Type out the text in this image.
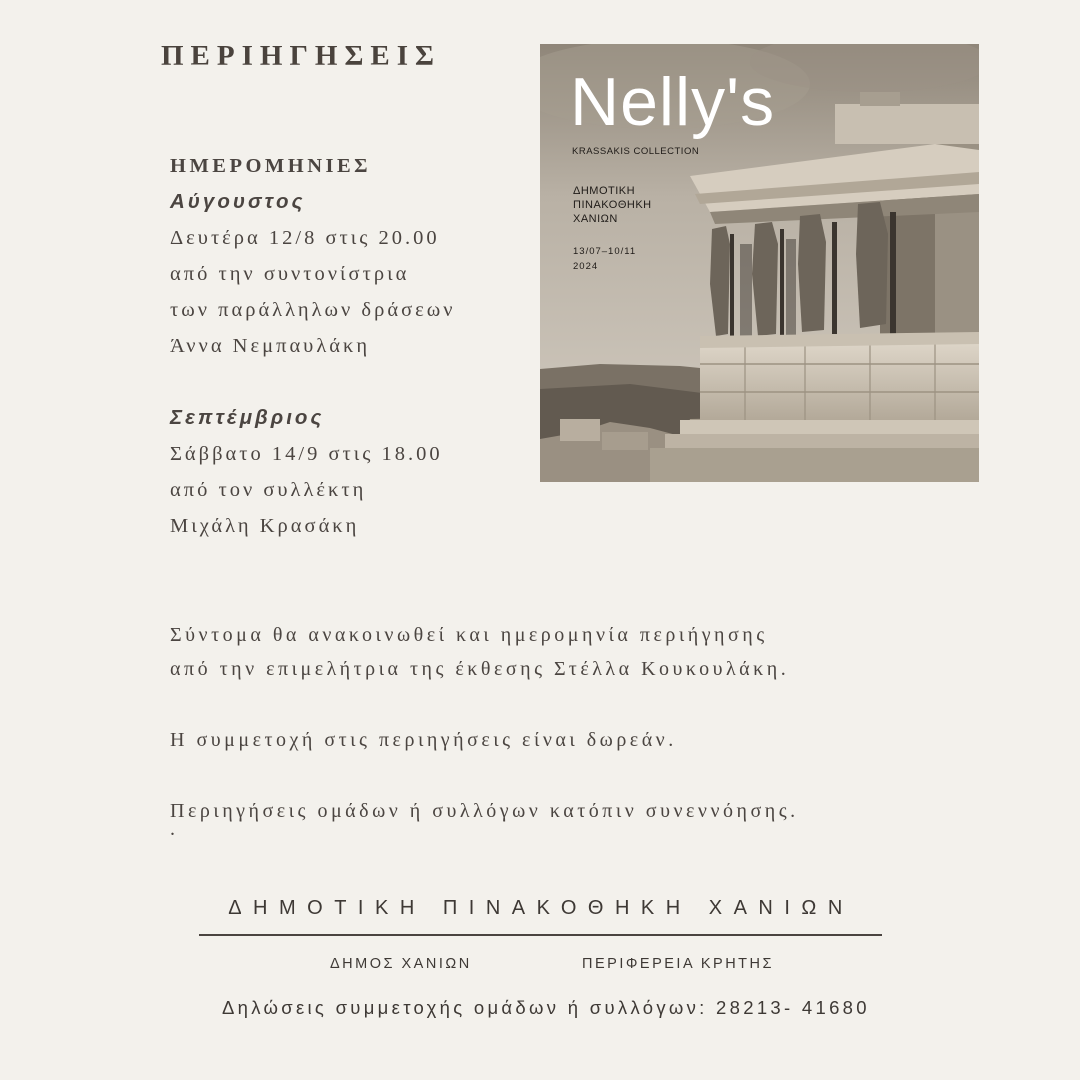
ΠΕΡΙΗΓΗΣΕΙΣ
ΗΜΕΡΟΜΗΝΙΕΣ
Αύγουστος
Δευτέρα 12/8 στις 20.00
από την συντονίστρια
των παράλληλων δράσεων
Άννα Νεμπαυλάκη
Σεπτέμβριος
Σάββατο 14/9 στις 18.00
από τον συλλέκτη
Μιχάλη Κρασάκη
Nelly's
KRASSAKIS COLLECTION
ΔΗΜΟΤΙΚΗ
ΠΙΝΑΚΟΘΗΚΗ
ΧΑΝΙΩΝ
13/07–10/11
2024
Σύντομα θα ανακοινωθεί και ημερομηνία περιήγησης
από την επιμελήτρια της έκθεσης Στέλλα Κουκουλάκη.
Η συμμετοχή στις περιηγήσεις είναι δωρεάν.
Περιηγήσεις ομάδων ή συλλόγων κατόπιν συνεννόησης.
.
ΔΗΜΟΤΙΚΗ ΠΙΝΑΚΟΘΗΚΗ ΧΑΝΙΩΝ
ΔΗΜΟΣ ΧΑΝΙΩΝ	ΠΕΡΙΦΕΡΕΙΑ ΚΡΗΤΗΣ
Δηλώσεις συμμετοχής ομάδων ή συλλόγων: 28213- 41680
